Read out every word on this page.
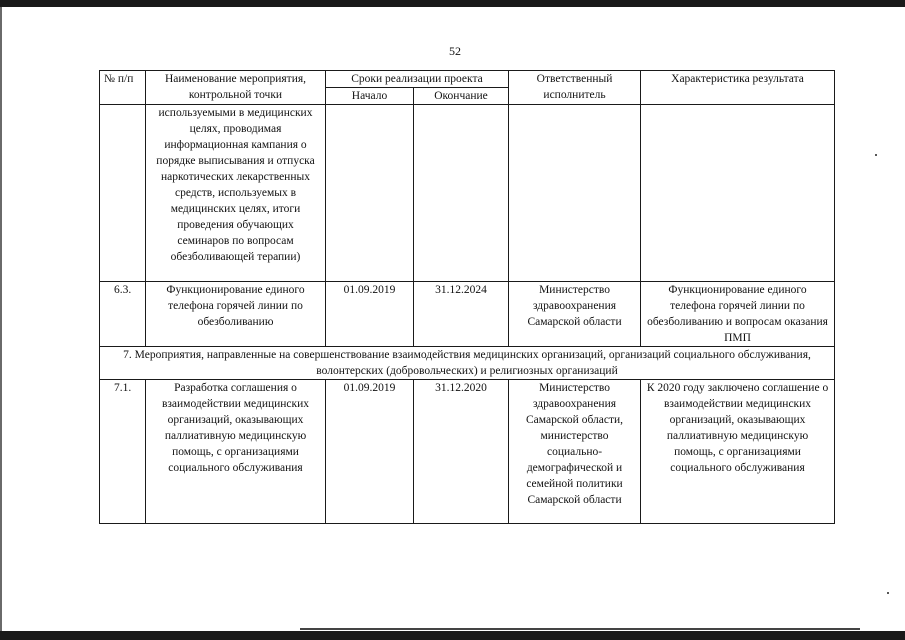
52
№ п/п	Наименование мероприятия, контрольной точки	Сроки реализации проекта		Ответственный исполнитель	Характеристика результата
		Начало	Окончание		
	используемыми в медицинских целях, проводимая информационная кампания о порядке выписывания и отпуска наркотических лекарственных средств, используемых в медицинских целях, итоги проведения обучающих семинаров по вопросам обезболивающей терапии)				
6.3.	Функционирование единого телефона горячей линии по обезболиванию	01.09.2019	31.12.2024	Министерство здравоохранения Самарской области	Функционирование единого телефона горячей линии по обезболиванию и вопросам оказания ПМП
7. Мероприятия, направленные на совершенствование взаимодействия медицинских организаций, организаций социального обслуживания, волонтерских (добровольческих) и религиозных организаций					
7.1.	Разработка соглашения о взаимодействии медицинских организаций, оказывающих паллиативную медицинскую помощь, с организациями социального обслуживания	01.09.2019	31.12.2020	Министерство здравоохранения Самарской области, министерство социально-демографической и семейной политики Самарской области	К 2020 году заключено соглашение о взаимодействии медицинских организаций, оказывающих паллиативную медицинскую помощь, с организациями социального обслуживания
